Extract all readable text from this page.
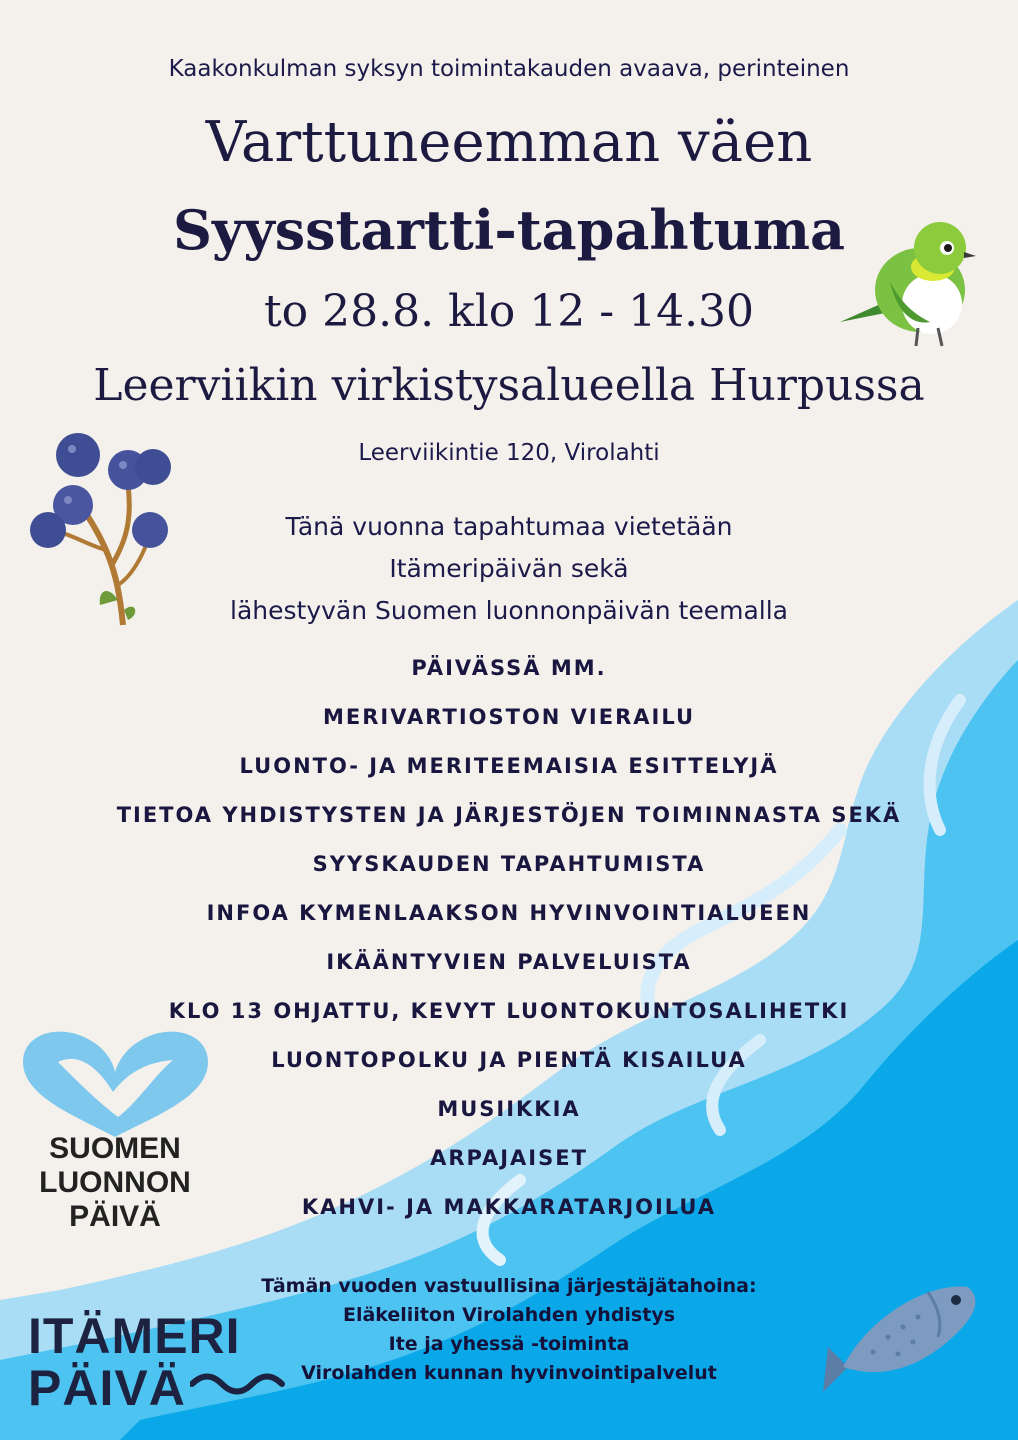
Kaakonkulman syksyn toimintakauden avaava, perinteinen
Varttuneemman väen
Syysstartti-tapahtuma
to 28.8. klo 12 - 14.30
Leerviikin virkistysalueella Hurpussa
Leerviikintie 120, Virolahti
Tänä vuonna tapahtumaa vietetään
Itämeripäivän sekä
lähestyvän Suomen luonnonpäivän teemalla
PÄIVÄSSÄ MM.
MERIVARTIOSTON VIERAILU
LUONTO- JA MERITEEMAISIA ESITTELYJÄ
TIETOA YHDISTYSTEN JA JÄRJESTÖJEN TOIMINNASTA SEKÄ
SYYSKAUDEN TAPAHTUMISTA
INFOA KYMENLAAKSON HYVINVOINTIALUEEN
IKÄÄNTYVIEN PALVELUISTA
KLO 13 OHJATTU, KEVYT LUONTOKUNTOSALIHETKI
LUONTOPOLKU JA PIENTÄ KISAILUA
MUSIIKKIA
ARPAJAISET
KAHVI- JA MAKKARATARJOILUA
Tämän vuoden vastuullisina järjestäjätahoina:
Eläkeliiton Virolahden yhdistys
Ite ja yhessä -toiminta
Virolahden kunnan hyvinvointipalvelut
SUOMEN
LUONNON
PÄIVÄ
ITÄMERI
PÄIVÄ
